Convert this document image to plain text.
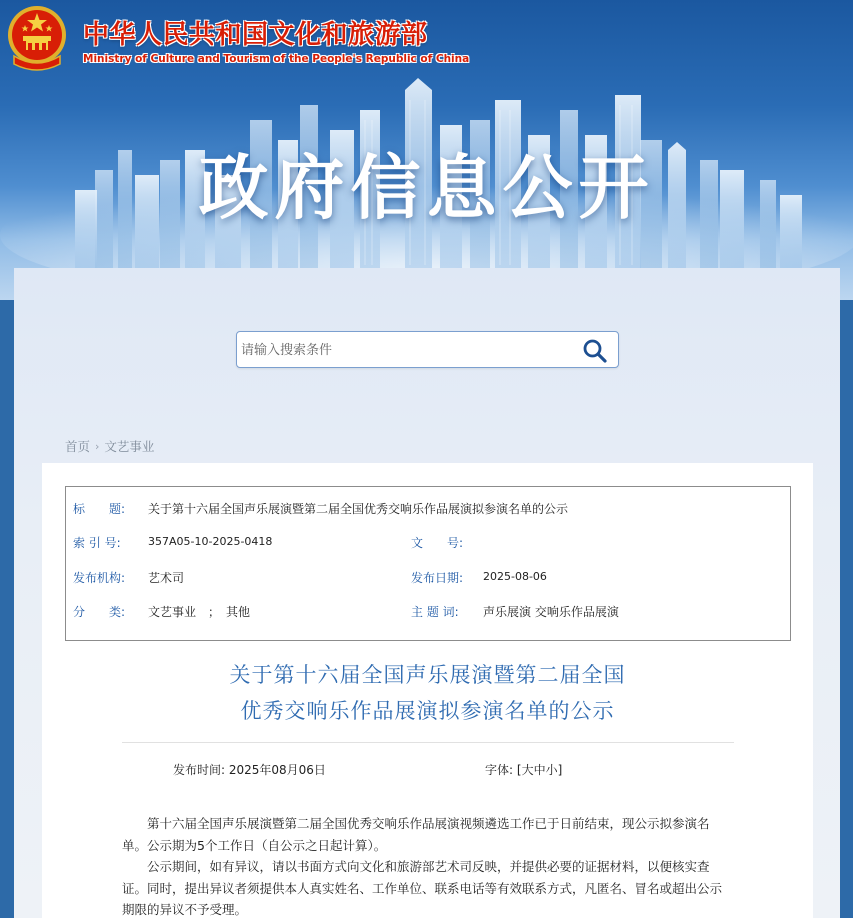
中华人民共和国文化和旅游部
Ministry of Culture and Tourism of the People's Republic of China
政府信息公开
请输入搜索条件
首页 › 文艺事业
标　　题: 关于第十六届全国声乐展演暨第二届全国优秀交响乐作品展演拟参演名单的公示
索 引 号: 357A05-10-2025-0418	文　　号:
发布机构: 艺术司	发布日期: 2025-08-06
分　　类: 文艺事业　；　其他	主 题 词: 声乐展演 交响乐作品展演
关于第十六届全国声乐展演暨第二届全国
优秀交响乐作品展演拟参演名单的公示
发布时间: 2025年08月06日	字体: [大中小]

第十六届全国声乐展演暨第二届全国优秀交响乐作品展演视频遴选工作已于日前结束，现公示拟参演名单。公示期为5个工作日（自公示之日起计算）。

公示期间，如有异议，请以书面方式向文化和旅游部艺术司反映，并提供必要的证据材料，以便核实查证。同时，提出异议者须提供本人真实姓名、工作单位、联系电话等有效联系方式，凡匿名、冒名或超出公示期限的异议不予受理。
